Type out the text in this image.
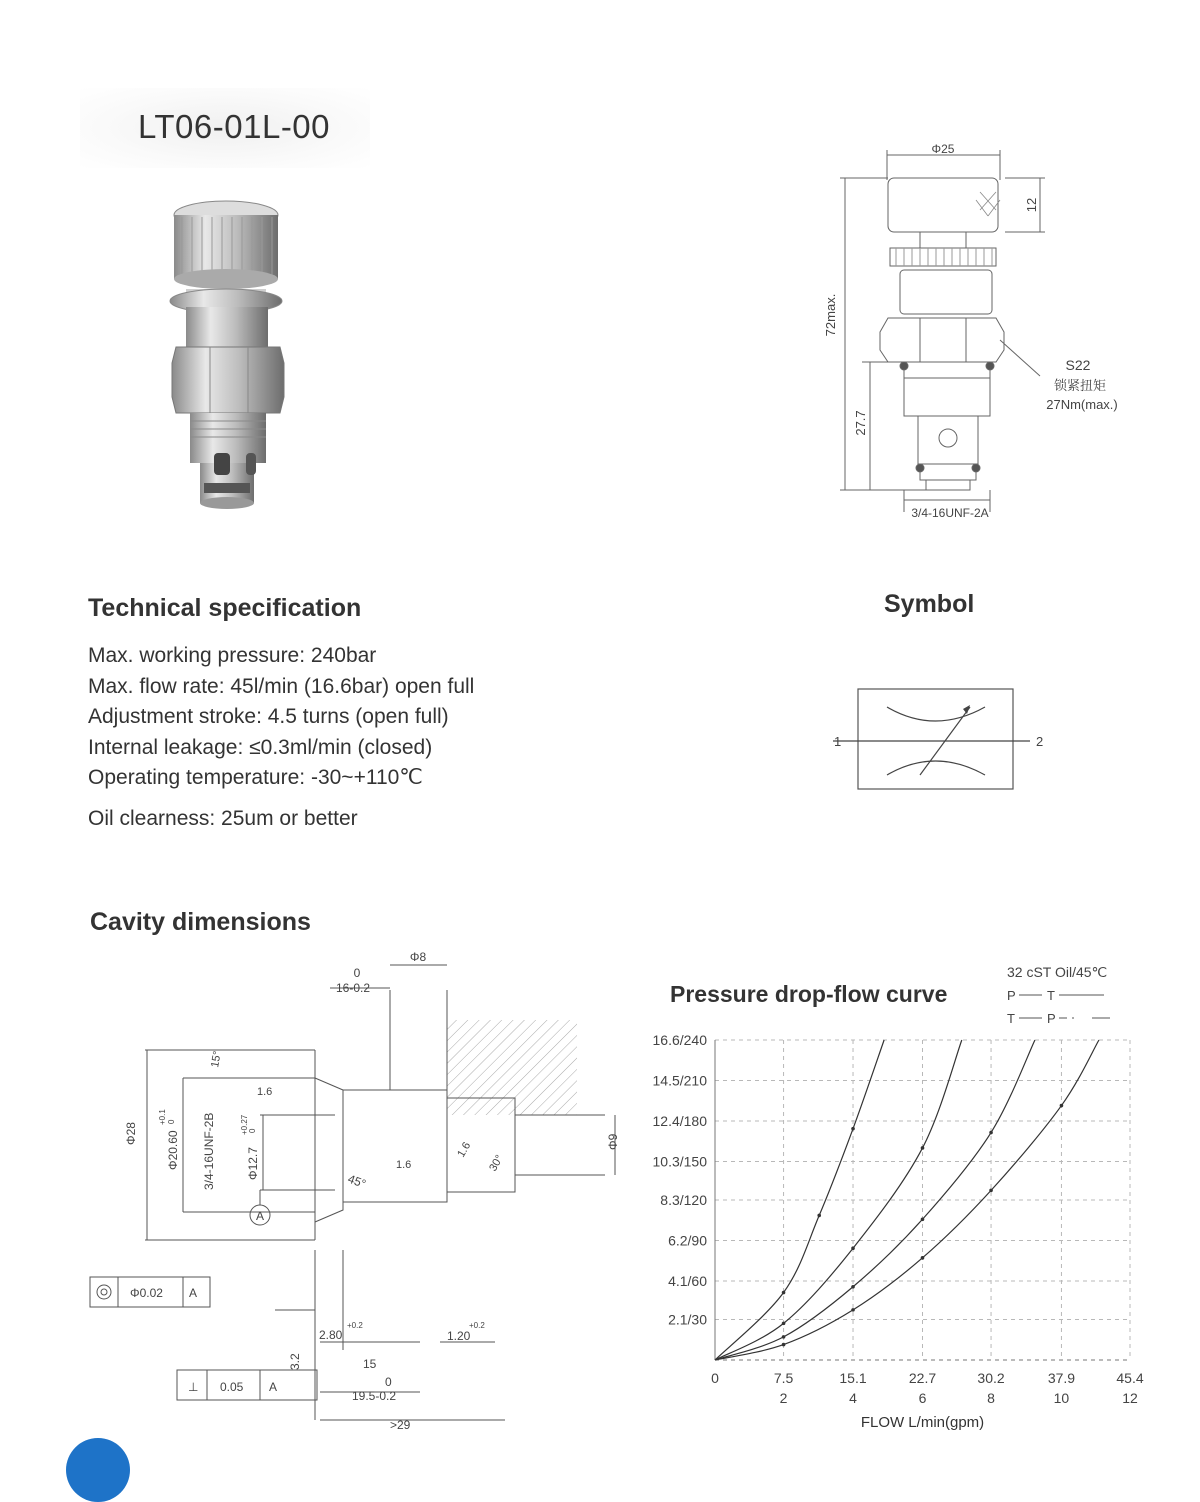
LT06-01L-00
Φ25
12
72max.
27.7
S22
锁紧扭矩
27Nm(max.)
3/4-16UNF-2A
Technical specification
Max. working pressure: 240bar
Max. flow rate: 45l/min (16.6bar) open full
Adjustment stroke: 4.5 turns (open full)
Internal leakage: ≤0.3ml/min (closed)
Operating temperature: -30~+110℃
Oil clearness: 25um or better
Symbol
1	2
Cavity dimensions
Φ8
0
16-0.2
15°
1.6
1.6
1.6
Φ28 Φ20.60
+0.1 0 3/4-16UNF-2B	Φ12.7
+0.27 0
45°
30°
Φ9
A
Φ0.02 A
⊥ 0.05 A
2.80
+0.2
1.20
+0.2
3.2	15
0
19.5-0.2
>29
Pressure drop-flow curve
32 cST Oil/45℃
P T
T P
16.6/240
14.5/210
12.4/180
10.3/150
8.3/120
6.2/90
4.1/60
2.1/30
0	7.5
2
15.1
4
22.7
6
30.2
8
37.9
10
45.4
12
FLOW L/min(gpm)
